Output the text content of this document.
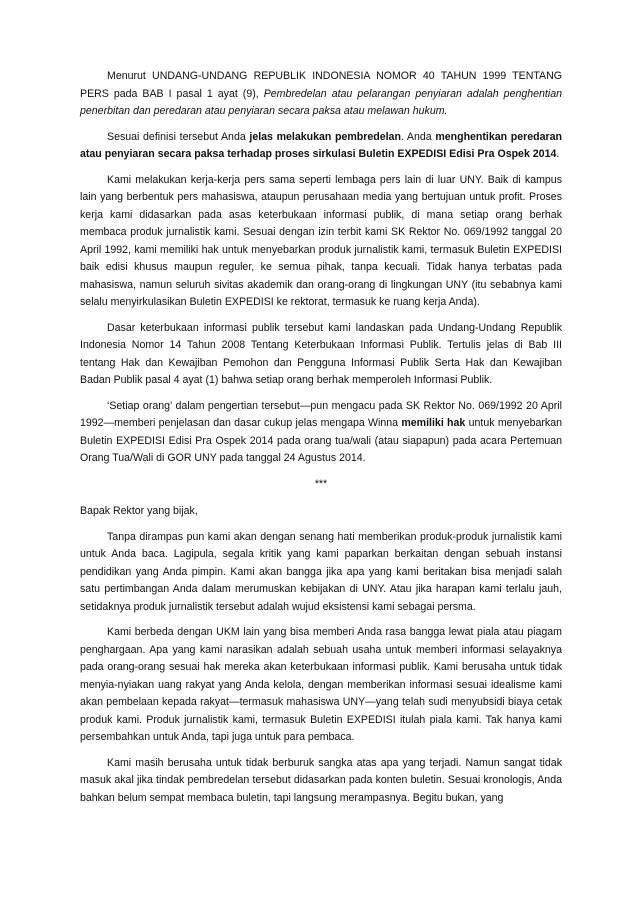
Menurut UNDANG-UNDANG REPUBLIK INDONESIA NOMOR 40 TAHUN 1999 TENTANG PERS pada BAB I pasal 1 ayat (9), Pembredelan atau pelarangan penyiaran adalah penghentian penerbitan dan peredaran atau penyiaran secara paksa atau melawan hukum.

Sesuai definisi tersebut Anda jelas melakukan pembredelan. Anda menghentikan peredaran atau penyiaran secara paksa terhadap proses sirkulasi Buletin EXPEDISI Edisi Pra Ospek 2014.

Kami melakukan kerja-kerja pers sama seperti lembaga pers lain di luar UNY. Baik di kampus lain yang berbentuk pers mahasiswa, ataupun perusahaan media yang bertujuan untuk profit. Proses kerja kami didasarkan pada asas keterbukaan informasi publik, di mana setiap orang berhak membaca produk jurnalistik kami. Sesuai dengan izin terbit kami SK Rektor No. 069/1992 tanggal 20 April 1992, kami memiliki hak untuk menyebarkan produk jurnalistik kami, termasuk Buletin EXPEDISI baik edisi khusus maupun reguler, ke semua pihak, tanpa kecuali. Tidak hanya terbatas pada mahasiswa, namun seluruh sivitas akademik dan orang-orang di lingkungan UNY (itu sebabnya kami selalu menyirkulasikan Buletin EXPEDISI ke rektorat, termasuk ke ruang kerja Anda).

Dasar keterbukaan informasi publik tersebut kami landaskan pada Undang-Undang Republik Indonesia Nomor 14 Tahun 2008 Tentang Keterbukaan Informasi Publik. Tertulis jelas di Bab III tentang Hak dan Kewajiban Pemohon dan Pengguna Informasi Publik Serta Hak dan Kewajiban Badan Publik pasal 4 ayat (1) bahwa setiap orang berhak memperoleh Informasi Publik.

‘Setiap orang’ dalam pengertian tersebut—pun mengacu pada SK Rektor No. 069/1992 20 April 1992—memberi penjelasan dan dasar cukup jelas mengapa Winna memiliki hak untuk menyebarkan Buletin EXPEDISI Edisi Pra Ospek 2014 pada orang tua/wali (atau siapapun) pada acara Pertemuan Orang Tua/Wali di GOR UNY pada tanggal 24 Agustus 2014.

***

Bapak Rektor yang bijak,

Tanpa dirampas pun kami akan dengan senang hati memberikan produk-produk jurnalistik kami untuk Anda baca. Lagipula, segala kritik yang kami paparkan berkaitan dengan sebuah instansi pendidikan yang Anda pimpin. Kami akan bangga jika apa yang kami beritakan bisa menjadi salah satu pertimbangan Anda dalam merumuskan kebijakan di UNY. Atau jika harapan kami terlalu jauh, setidaknya produk jurnalistik tersebut adalah wujud eksistensi kami sebagai persma.

Kami berbeda dengan UKM lain yang bisa memberi Anda rasa bangga lewat piala atau piagam penghargaan. Apa yang kami narasikan adalah sebuah usaha untuk memberi informasi selayaknya pada orang-orang sesuai hak mereka akan keterbukaan informasi publik. Kami berusaha untuk tidak menyia-nyiakan uang rakyat yang Anda kelola, dengan memberikan informasi sesuai idealisme kami akan pembelaan kepada rakyat—termasuk mahasiswa UNY—yang telah sudi menyubsidi biaya cetak produk kami. Produk jurnalistik kami, termasuk Buletin EXPEDISI itulah piala kami. Tak hanya kami persembahkan untuk Anda, tapi juga untuk para pembaca.

Kami masih berusaha untuk tidak berburuk sangka atas apa yang terjadi. Namun sangat tidak masuk akal jika tindak pembredelan tersebut didasarkan pada konten buletin. Sesuai kronologis, Anda bahkan belum sempat membaca buletin, tapi langsung merampasnya. Begitu bukan, yang
